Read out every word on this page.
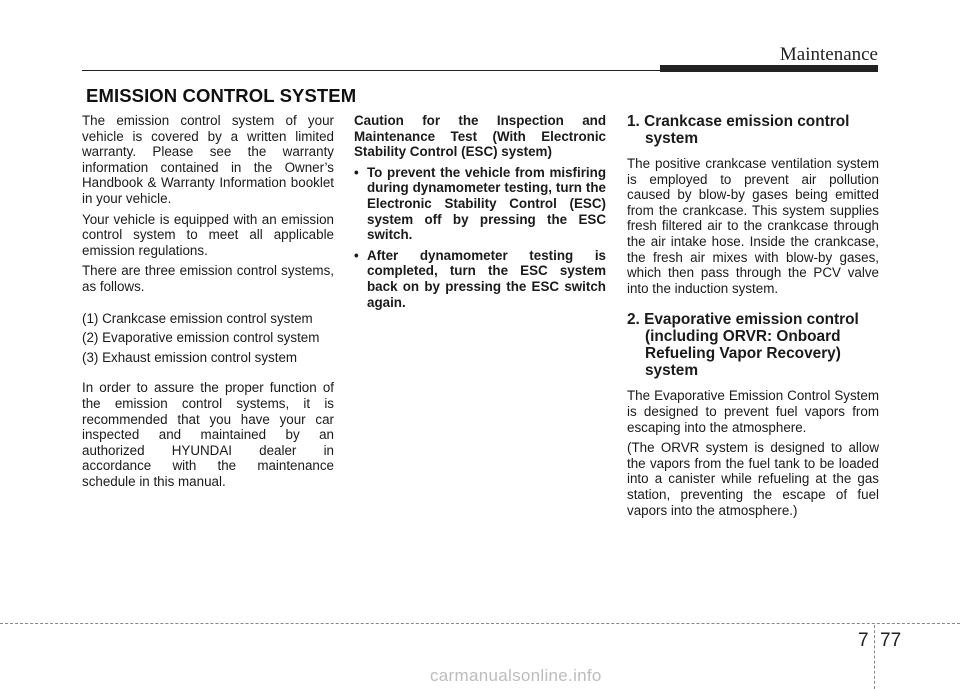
Maintenance
EMISSION CONTROL SYSTEM

The emission control system of your vehicle is covered by a written limited warranty. Please see the warranty information contained in the Owner’s Handbook & Warranty Information booklet in your vehicle.

Your vehicle is equipped with an emission control system to meet all applicable emission regulations.

There are three emission control systems, as follows.

(1) Crankcase emission control system

(2) Evaporative emission control system

(3) Exhaust emission control system

In order to assure the proper function of the emission control systems, it is recommended that you have your car inspected and maintained by an authorized HYUNDAI dealer in accordance with the maintenance schedule in this manual.

Caution for the Inspection and Maintenance Test (With Electronic Stability Control (ESC) system)

• To prevent the vehicle from misfiring during dynamometer testing, turn the Electronic Stability Control (ESC) system off by pressing the ESC switch.
• After dynamometer testing is completed, turn the ESC system back on by pressing the ESC switch again.
1. Crankcase emission control system

The positive crankcase ventilation system is employed to prevent air pollution caused by blow-by gases being emitted from the crankcase. This system supplies fresh filtered air to the crankcase through the air intake hose. Inside the crankcase, the fresh air mixes with blow-by gases, which then pass through the PCV valve into the induction system.

2. Evaporative emission control (including ORVR: Onboard Refueling Vapor Recovery) system

The Evaporative Emission Control System is designed to prevent fuel vapors from escaping into the atmosphere.

(The ORVR system is designed to allow the vapors from the fuel tank to be loaded into a canister while refueling at the gas station, preventing the escape of fuel vapors into the atmosphere.)

7 77
carmanualsonline.info
